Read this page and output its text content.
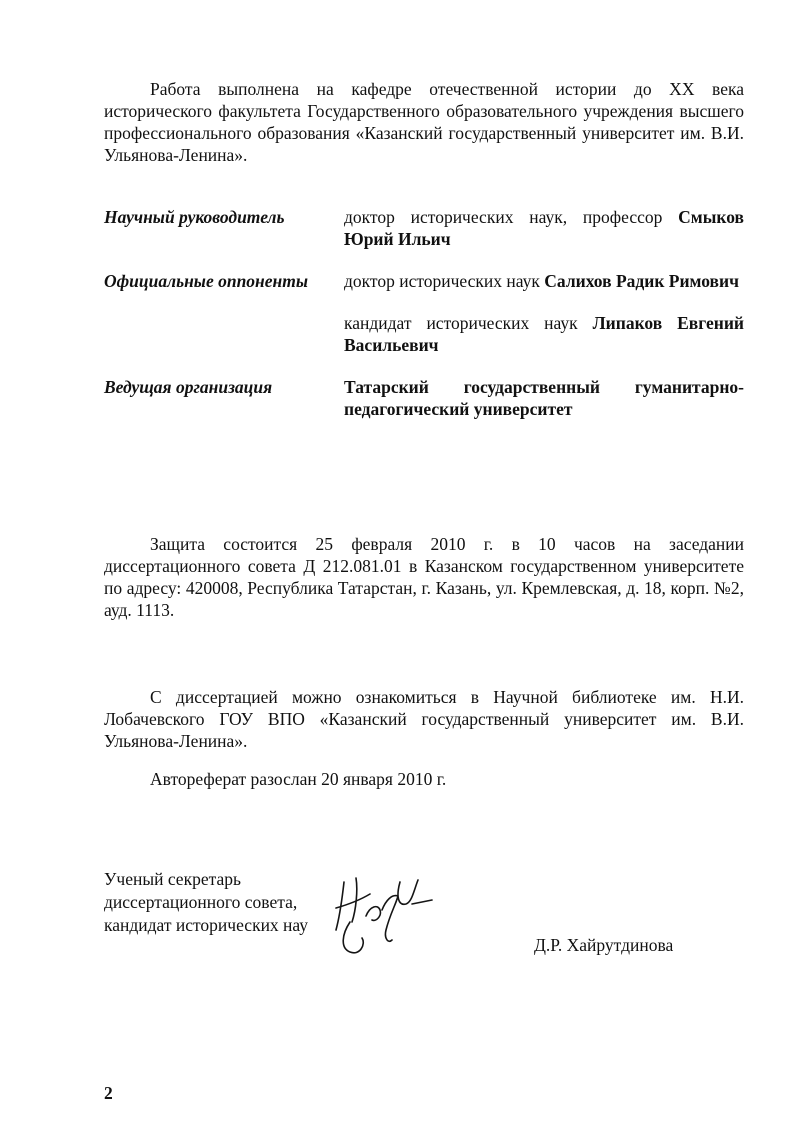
Работа выполнена на кафедре отечественной истории до XX века исторического факультета Государственного образовательного учреждения высшего профессионального образования «Казанский государственный университет им. В.И. Ульянова-Ленина».

Научный руководитель	доктор исторических наук, профессор Смыков Юрий Ильич

Официальные оппоненты	доктор исторических наук Салихов Радик Римович

кандидат исторических наук Липаков Евгений Васильевич

Ведущая организация	Татарский государственный гуманитарно-педагогический университет

Защита состоится 25 февраля 2010 г. в 10 часов на заседании диссертационного совета Д 212.081.01 в Казанском государственном университете по адресу: 420008, Республика Татарстан, г. Казань, ул. Кремлевская, д. 18, корп. №2, ауд. 1113.

С диссертацией можно ознакомиться в Научной библиотеке им. Н.И. Лобачевского ГОУ ВПО «Казанский государственный университет им. В.И. Ульянова-Ленина».

Автореферат разослан 20 января 2010 г.

Ученый секретарь
диссертационного совета,
кандидат исторических нау
Д.Р. Хайрутдинова
2
